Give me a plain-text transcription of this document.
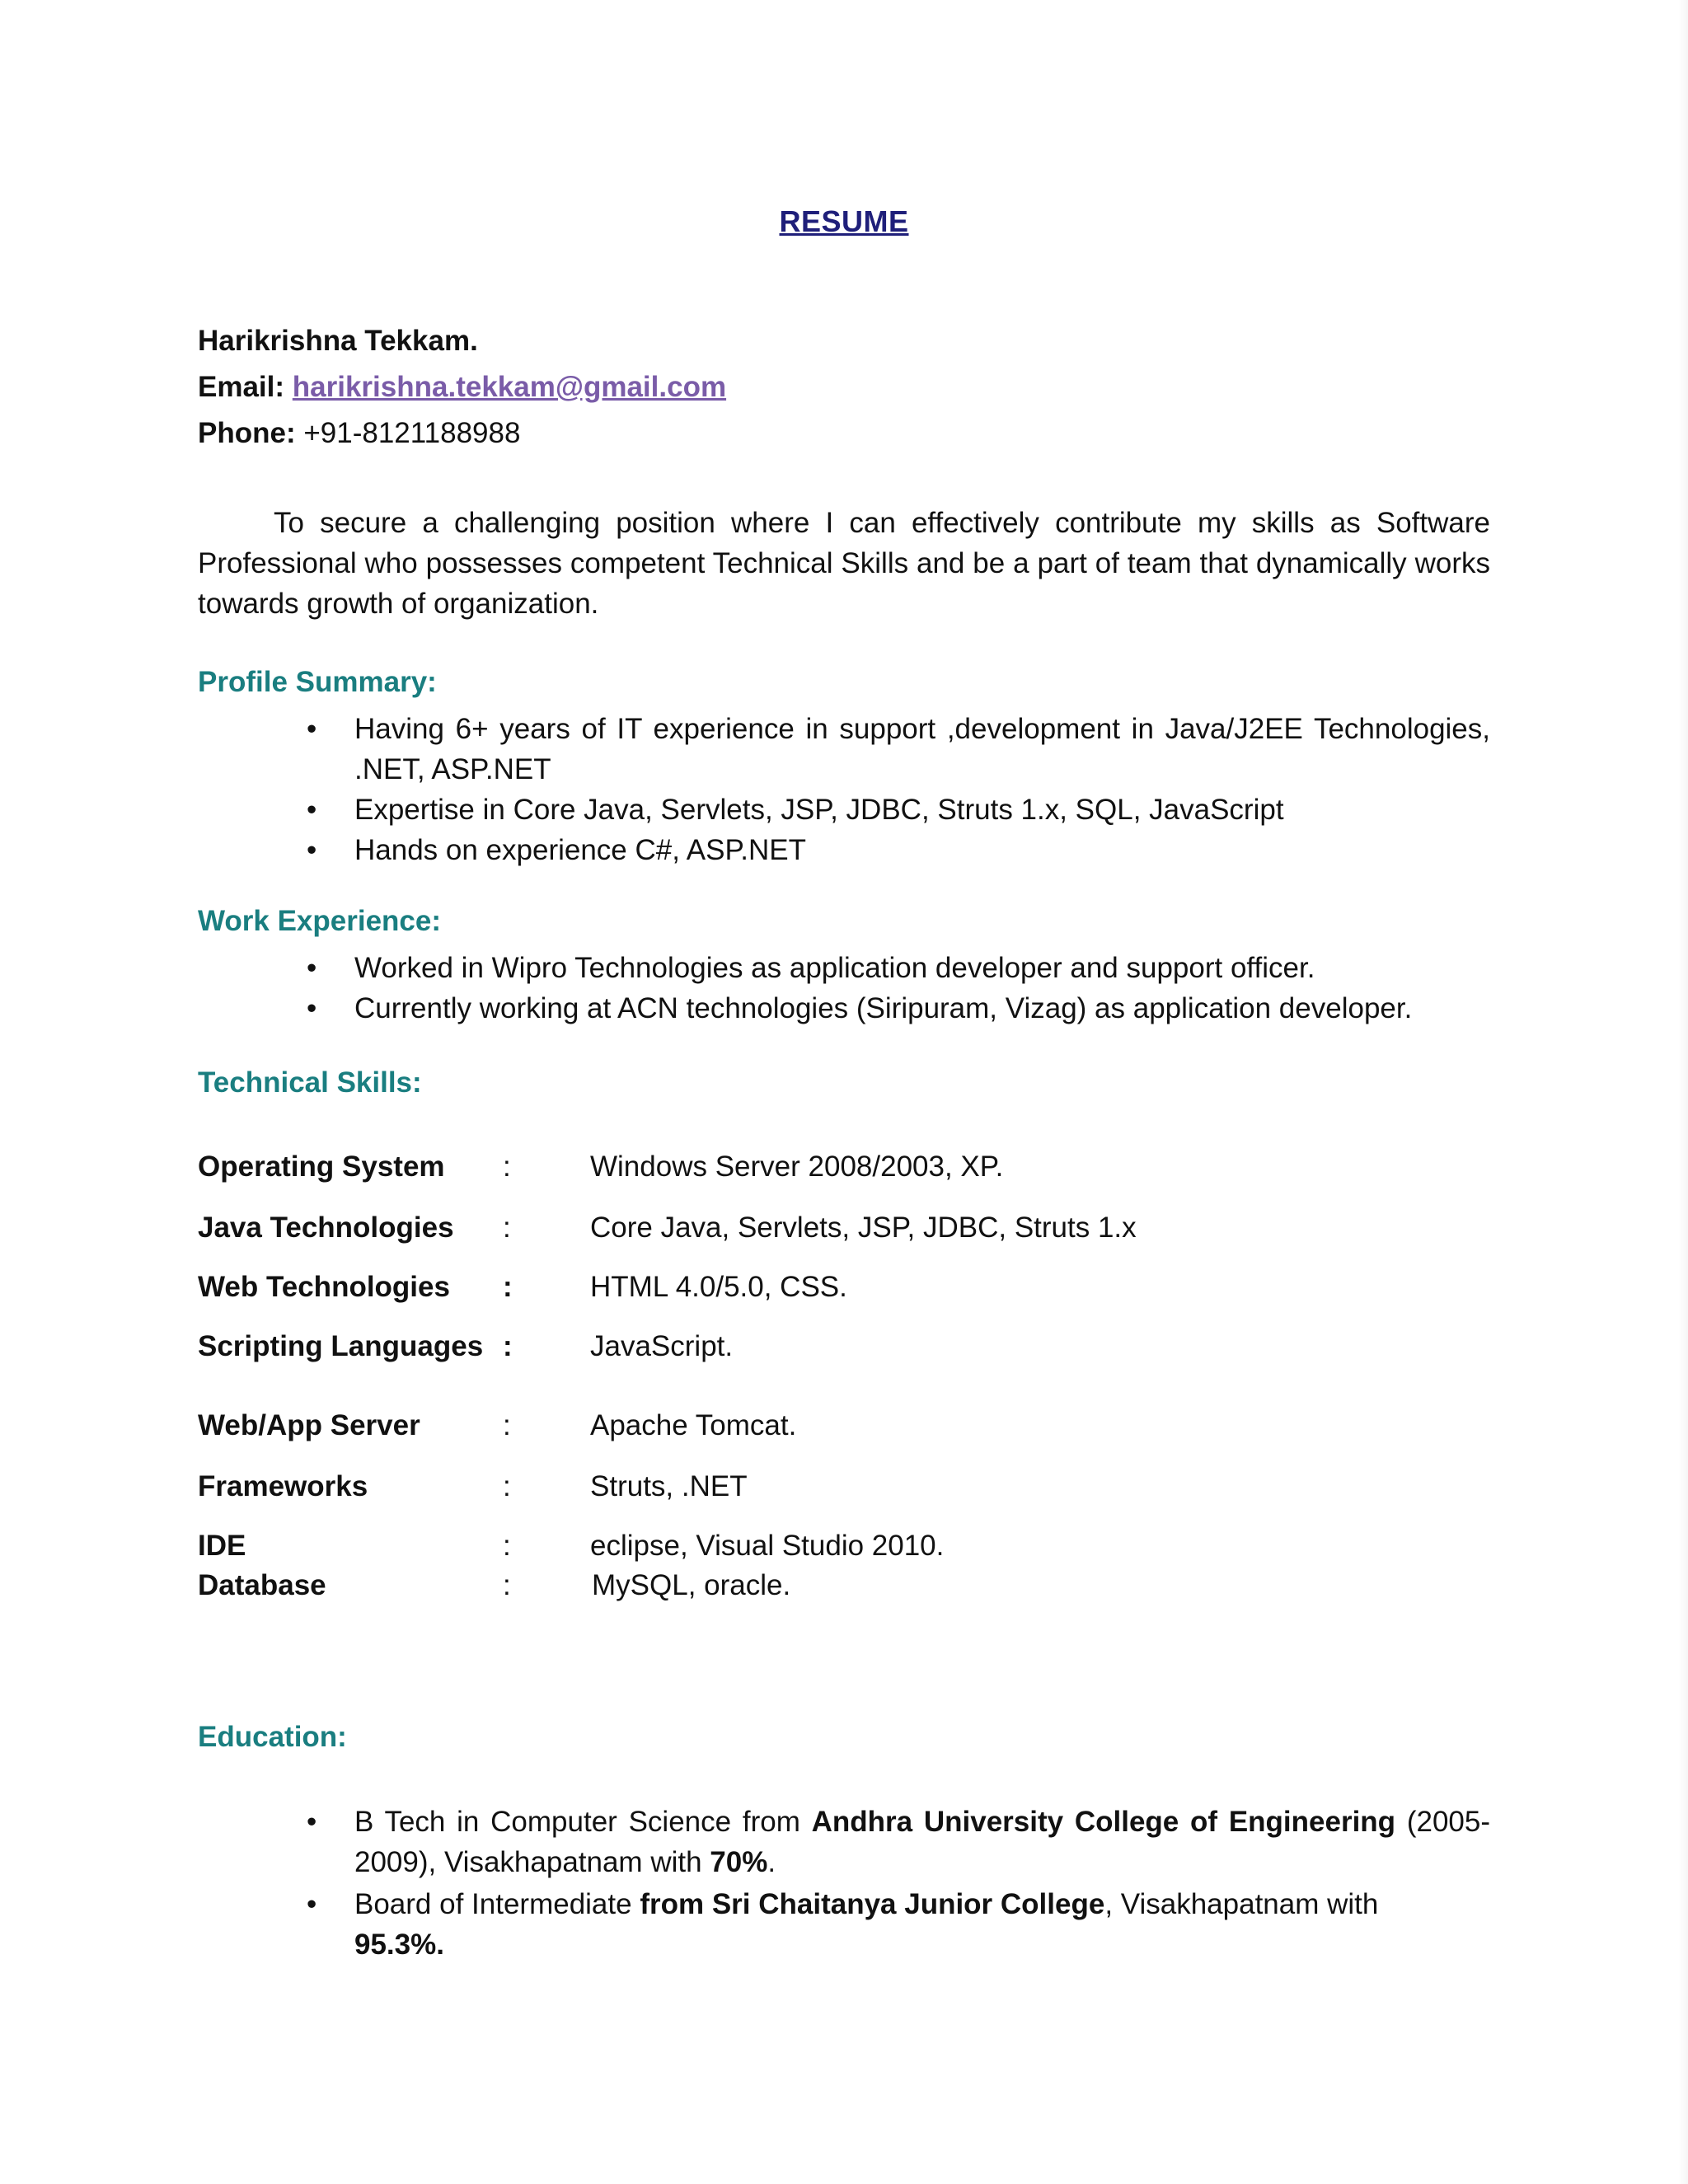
RESUME
Harikrishna Tekkam.
Email: harikrishna.tekkam@gmail.com
Phone: +91-8121188988
To secure a challenging position where I can effectively contribute my skills as Software Professional who possesses competent Technical Skills and be a part of team that dynamically works towards growth of organization.
Profile Summary:
• Having 6+ years of IT experience in support ,development in Java/J2EE Technologies, .NET, ASP.NET
• Expertise in Core Java, Servlets, JSP, JDBC, Struts 1.x, SQL, JavaScript
• Hands on experience C#, ASP.NET
Work Experience:
• Worked in Wipro Technologies as application developer and support officer.
• Currently working at ACN technologies (Siripuram, Vizag) as application developer.
Technical Skills:
Operating System :	Windows Server 2008/2003, XP.
Java Technologies :	Core Java, Servlets, JSP, JDBC, Struts 1.x
Web Technologies :	HTML 4.0/5.0, CSS.
Scripting Languages :	JavaScript.
Web/App Server	:	Apache Tomcat.
Frameworks	:	Struts, .NET
IDE	:	eclipse, Visual Studio 2010.
Database	:	MySQL, oracle.
Education:
• B Tech in Computer Science from Andhra University College of Engineering (2005-2009), Visakhapatnam with 70%.
• Board of Intermediate from Sri Chaitanya Junior College, Visakhapatnam with
95.3%.
